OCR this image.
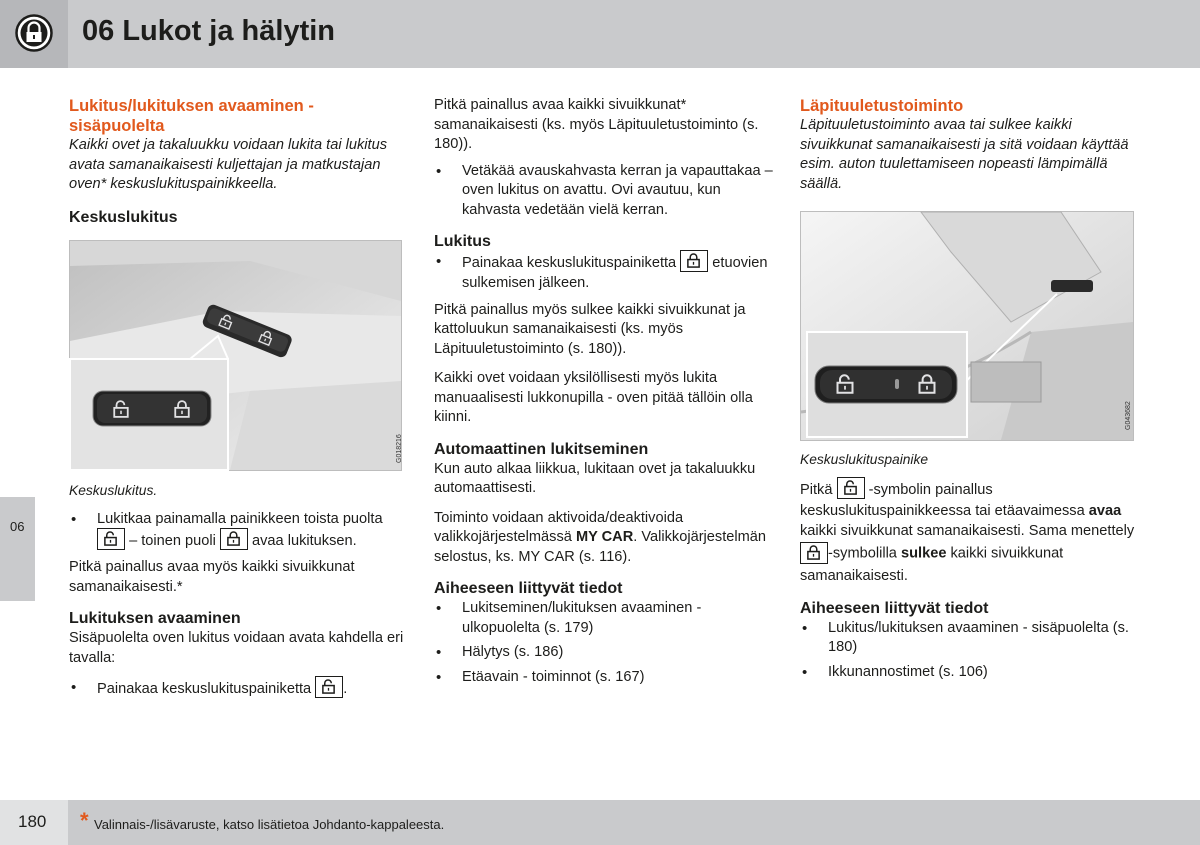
06 Lukot ja hälytin
06
Lukitus/lukituksen avaaminen - sisäpuolelta

Kaikki ovet ja takaluukku voidaan lukita tai lukitus avata samanaikaisesti kuljettajan ja matkustajan oven* keskuslukituspainikkeella.

Keskuslukitus
G018216

Keskuslukitus.

• Lukitkaa painamalla painikkeen toista puolta
– toinen puoli avaa lukituksen.

Pitkä painallus avaa myös kaikki sivuikkunat samanaikaisesti.*

Lukituksen avaaminen

Sisäpuolelta oven lukitus voidaan avata kahdella eri tavalla:

• Painakaa keskuslukituspainiketta .

Pitkä painallus avaa kaikki sivuikkunat* samanaikaisesti (ks. myös Läpituuletustoiminto (s. 180)).

• Vetäkää avauskahvasta kerran ja vapauttakaa – oven lukitus on avattu. Ovi avautuu, kun kahvasta vedetään vielä kerran.
Lukitus
• Painakaa keskuslukituspainiketta etuovien sulkemisen jälkeen.

Pitkä painallus myös sulkee kaikki sivuikkunat ja kattoluukun samanaikaisesti (ks. myös Läpituuletustoiminto (s. 180)).

Kaikki ovet voidaan yksilöllisesti myös lukita manuaalisesti lukkonupilla - oven pitää tällöin olla kiinni.

Automaattinen lukitseminen

Kun auto alkaa liikkua, lukitaan ovet ja takaluukku automaattisesti.

Toiminto voidaan aktivoida/deaktivoida valikkojärjestelmässä MY CAR. Valikkojärjestelmän selostus, ks. MY CAR (s. 116).

Aiheeseen liittyvät tiedot
• Lukitseminen/lukituksen avaaminen - ulkopuolelta (s. 179)
• Hälytys (s. 186)
• Etäavain - toiminnot (s. 167)
Läpituuletustoiminto

Läpituuletustoiminto avaa tai sulkee kaikki sivuikkunat samanaikaisesti ja sitä voidaan käyttää esim. auton tuulettamiseen nopeasti lämpimällä säällä.

G043682

Keskuslukituspainike

Pitkä -symbolin painallus keskuslukituspainikkeessa tai etäavaimessa avaa kaikki sivuikkunat samanaikaisesti. Sama menettely
-symbolilla sulkee kaikki sivuikkunat samanaikaisesti.

Aiheeseen liittyvät tiedot
• Lukitus/lukituksen avaaminen - sisäpuolelta (s. 180)
• Ikkunannostimet (s. 106)
180 * Valinnais-/lisävaruste, katso lisätietoa Johdanto-kappaleesta.
